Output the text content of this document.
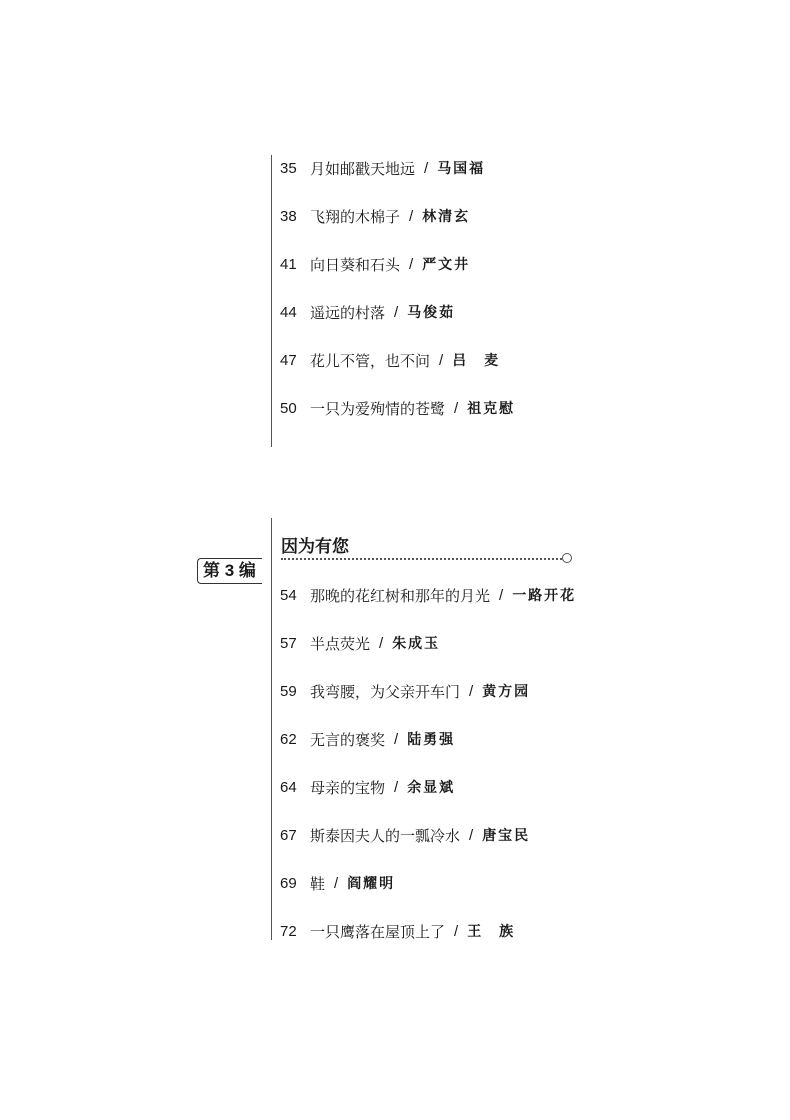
35 月如邮戳天地远 / 马国福
38 飞翔的木棉子 / 林清玄
41 向日葵和石头 / 严文井
44 遥远的村落 / 马俊茹
47 花儿不管，也不问 / 吕　麦
50 一只为爱殉情的苍鹭 / 祖克慰
第 3 编
因为有您
54 那晚的花红树和那年的月光 / 一路开花
57 半点荧光 / 朱成玉
59 我弯腰，为父亲开车门 / 黄方园
62 无言的褒奖 / 陆勇强
64 母亲的宝物 / 余显斌
67 斯泰因夫人的一瓢冷水 / 唐宝民
69 鞋 / 阎耀明
72 一只鹰落在屋顶上了 / 王　族
